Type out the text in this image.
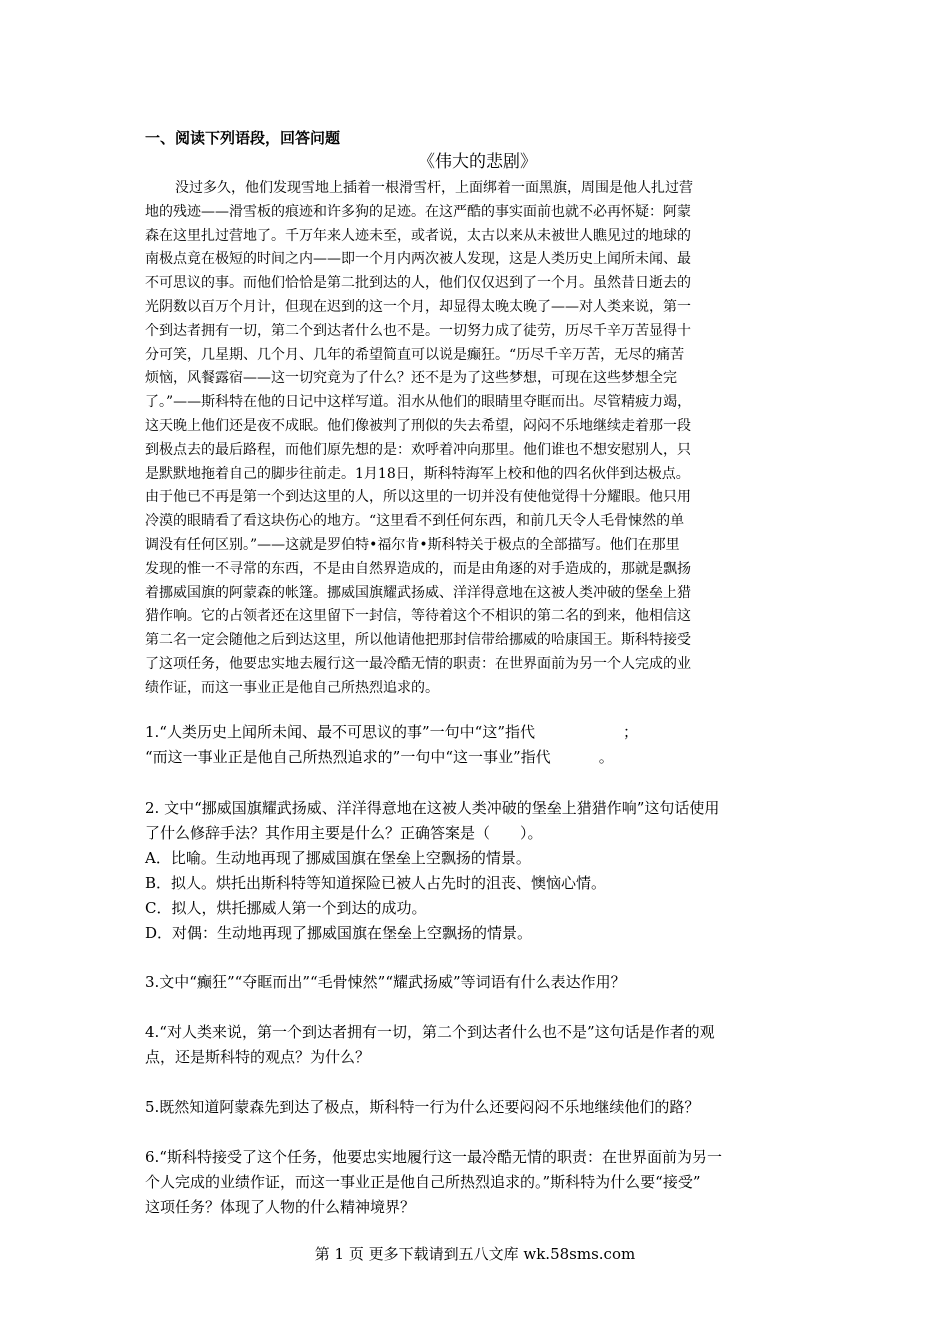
一、阅读下列语段，回答问题
《伟大的悲剧》
没过多久，他们发现雪地上插着一根滑雪杆，上面绑着一面黑旗，周围是他人扎过营
地的残迹——滑雪板的痕迹和许多狗的足迹。在这严酷的事实面前也就不必再怀疑：阿蒙
森在这里扎过营地了。千万年来人迹未至，或者说，太古以来从未被世人瞧见过的地球的
南极点竟在极短的时间之内——即一个月内两次被人发现，这是人类历史上闻所未闻、最
不可思议的事。而他们恰恰是第二批到达的人，他们仅仅迟到了一个月。虽然昔日逝去的
光阴数以百万个月计，但现在迟到的这一个月，却显得太晚太晚了——对人类来说，第一
个到达者拥有一切，第二个到达者什么也不是。一切努力成了徒劳，历尽千辛万苦显得十
分可笑，几星期、几个月、几年的希望简直可以说是癫狂。“历尽千辛万苦，无尽的痛苦
烦恼，风餐露宿——这一切究竟为了什么？还不是为了这些梦想，可现在这些梦想全完
了。”——斯科特在他的日记中这样写道。泪水从他们的眼睛里夺眶而出。尽管精疲力竭，
这天晚上他们还是夜不成眠。他们像被判了刑似的失去希望，闷闷不乐地继续走着那一段
到极点去的最后路程，而他们原先想的是：欢呼着冲向那里。他们谁也不想安慰别人，只
是默默地拖着自己的脚步往前走。1月18日，斯科特海军上校和他的四名伙伴到达极点。
由于他已不再是第一个到达这里的人，所以这里的一切并没有使他觉得十分耀眼。他只用
冷漠的眼睛看了看这块伤心的地方。“这里看不到任何东西，和前几天令人毛骨悚然的单
调没有任何区别。”——这就是罗伯特•福尔肯•斯科特关于极点的全部描写。他们在那里
发现的惟一不寻常的东西，不是由自然界造成的，而是由角逐的对手造成的，那就是飘扬
着挪威国旗的阿蒙森的帐篷。挪威国旗耀武扬威、洋洋得意地在这被人类冲破的堡垒上猎
猎作响。它的占领者还在这里留下一封信，等待着这个不相识的第二名的到来，他相信这
第二名一定会随他之后到达这里，所以他请他把那封信带给挪威的哈康国王。斯科特接受
了这项任务，他要忠实地去履行这一最冷酷无情的职责：在世界面前为另一个人完成的业
绩作证，而这一事业正是他自己所热烈追求的。
1.“人类历史上闻所未闻、最不可思议的事”一句中“这”指代	；
“而这一事业正是他自己所热烈追求的”一句中“这一事业”指代	。
2. 文中“挪威国旗耀武扬威、洋洋得意地在这被人类冲破的堡垒上猎猎作响”这句话使用
了什么修辞手法？其作用主要是什么？正确答案是（　　）。
A．比喻。生动地再现了挪威国旗在堡垒上空飘扬的情景。
B．拟人。烘托出斯科特等知道探险已被人占先时的沮丧、懊恼心情。
C．拟人，烘托挪威人第一个到达的成功。
D．对偶：生动地再现了挪威国旗在堡垒上空飘扬的情景。
3.文中“癫狂”“夺眶而出”“毛骨悚然”“耀武扬威”等词语有什么表达作用？
4.“对人类来说，第一个到达者拥有一切，第二个到达者什么也不是”这句话是作者的观
点，还是斯科特的观点？为什么？
5.既然知道阿蒙森先到达了极点，斯科特一行为什么还要闷闷不乐地继续他们的路？
6.“斯科特接受了这个任务，他要忠实地履行这一最冷酷无情的职责：在世界面前为另一
个人完成的业绩作证，而这一事业正是他自己所热烈追求的。”斯科特为什么要“接受”
这项任务？体现了人物的什么精神境界？
第 1 页 更多下载请到五八文库 wk.58sms.com
